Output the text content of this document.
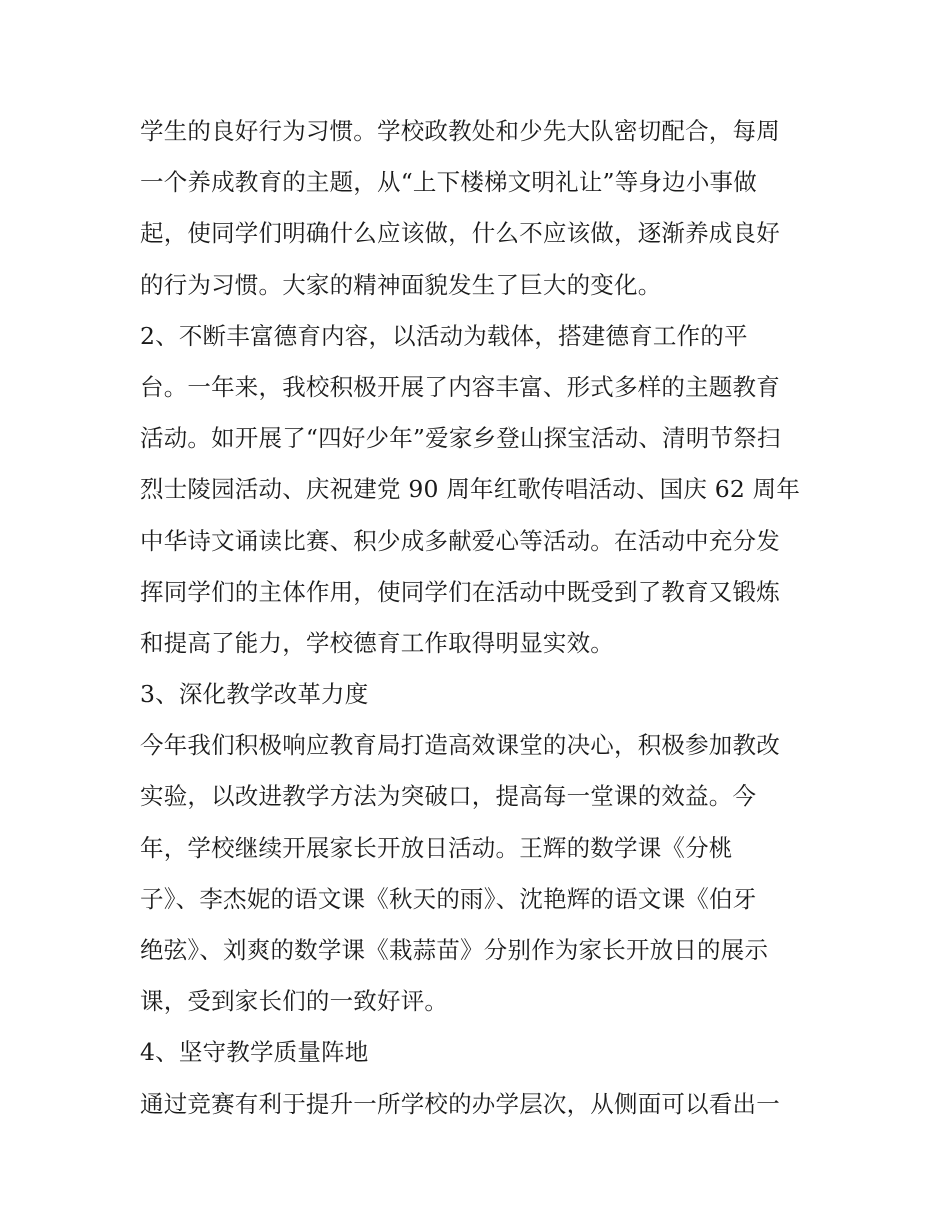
学生的良好行为习惯。学校政教处和少先大队密切配合，每周
一个养成教育的主题，从“上下楼梯文明礼让”等身边小事做
起，使同学们明确什么应该做，什么不应该做，逐渐养成良好
的行为习惯。大家的精神面貌发生了巨大的变化。
2、不断丰富德育内容，以活动为载体，搭建德育工作的平
台。一年来，我校积极开展了内容丰富、形式多样的主题教育
活动。如开展了“四好少年”爱家乡登山探宝活动、清明节祭扫
烈士陵园活动、庆祝建党 90 周年红歌传唱活动、国庆 62 周年
中华诗文诵读比赛、积少成多献爱心等活动。在活动中充分发
挥同学们的主体作用，使同学们在活动中既受到了教育又锻炼
和提高了能力，学校德育工作取得明显实效。
3、深化教学改革力度
今年我们积极响应教育局打造高效课堂的决心，积极参加教改
实验，以改进教学方法为突破口，提高每一堂课的效益。今
年，学校继续开展家长开放日活动。王辉的数学课《分桃
子》、李杰妮的语文课《秋天的雨》、沈艳辉的语文课《伯牙
绝弦》、刘爽的数学课《栽蒜苗》分别作为家长开放日的展示
课，受到家长们的一致好评。
4、坚守教学质量阵地
通过竞赛有利于提升一所学校的办学层次，从侧面可以看出一
